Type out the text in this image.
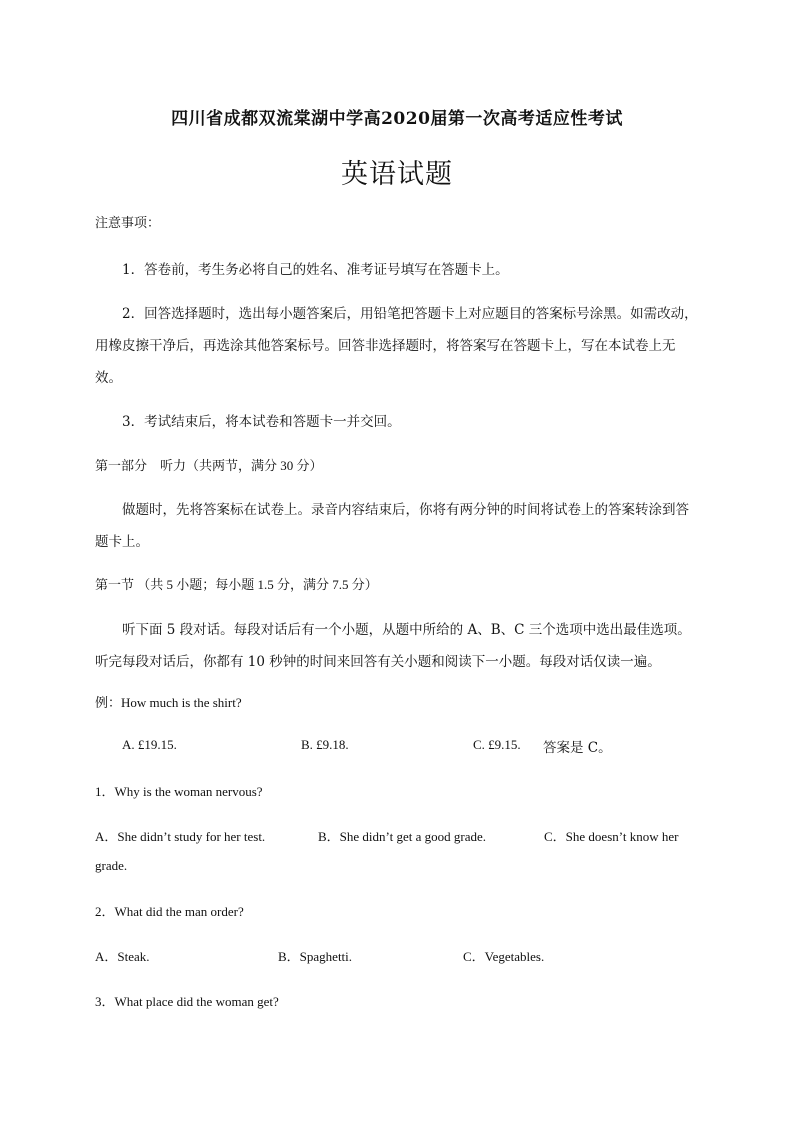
四川省成都双流棠湖中学高2020届第一次高考适应性考试
英语试题
注意事项：
1．答卷前，考生务必将自己的姓名、准考证号填写在答题卡上。
2．回答选择题时，选出每小题答案后，用铅笔把答题卡上对应题目的答案标号涂黑。如需改动，
用橡皮擦干净后，再选涂其他答案标号。回答非选择题时，将答案写在答题卡上，写在本试卷上无
效。
3．考试结束后，将本试卷和答题卡一并交回。
第一部分　听力（共两节，满分 30 分）
做题时，先将答案标在试卷上。录音内容结束后，你将有两分钟的时间将试卷上的答案转涂到答
题卡上。
第一节 （共 5 小题；每小题 1.5 分，满分 7.5 分）
听下面 5 段对话。每段对话后有一个小题，从题中所给的 A、B、C 三个选项中选出最佳选项。
听完每段对话后，你都有 10 秒钟的时间来回答有关小题和阅读下一小题。每段对话仅读一遍。
例：How much is the shirt?
A. £19.15.	B. £9.18.	C. £9.15. 答案是 C。
1．Why is the woman nervous?
A．She didn’t study for her test.	B．She didn’t get a good grade.	C．She doesn’t know her
grade.
2．What did the man order?
A．Steak.	B．Spaghetti.	C．Vegetables.
3．What place did the woman get?
